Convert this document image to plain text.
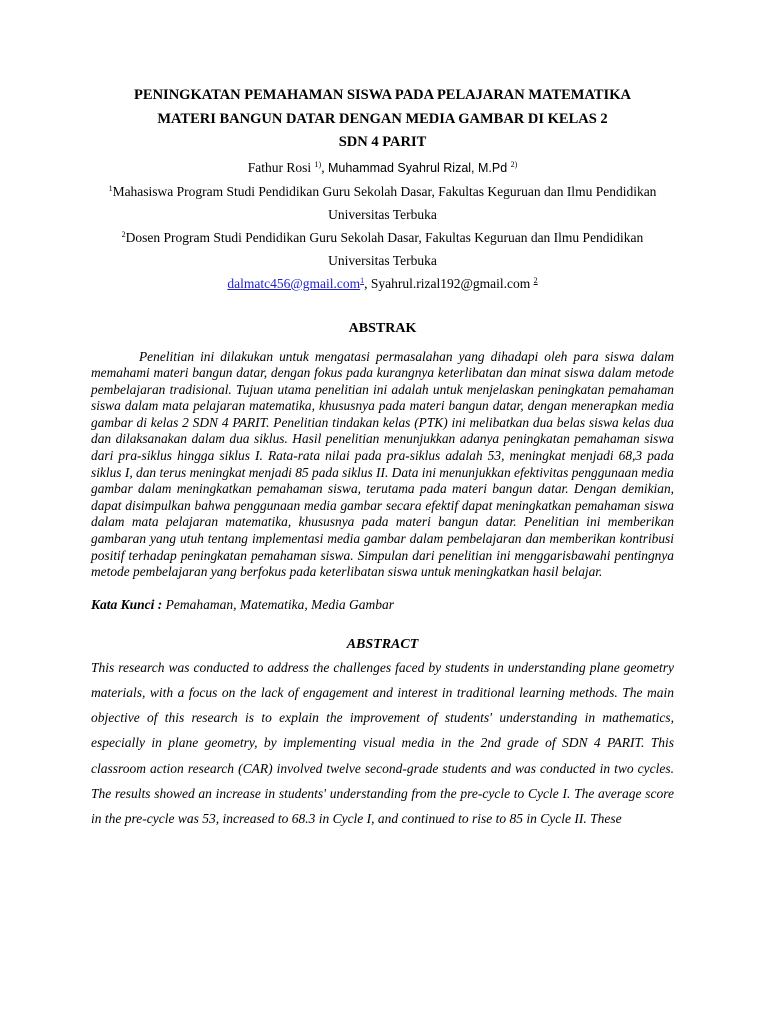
PENINGKATAN PEMAHAMAN SISWA PADA PELAJARAN MATEMATIKA

MATERI BANGUN DATAR DENGAN MEDIA GAMBAR DI KELAS 2

SDN 4 PARIT

Fathur Rosi $^{1)}$, Muhammad Syahrul Rizal, M.Pd $^{2)}$

$^1$Mahasiswa Program Studi Pendidikan Guru Sekolah Dasar, Fakultas Keguruan dan Ilmu Pendidikan

Universitas Terbuka

$^2$Dosen Program Studi Pendidikan Guru Sekolah Dasar, Fakultas Keguruan dan Ilmu Pendidikan

Universitas Terbuka

dalmatc456@gmail.com$^1$, Syahrul.rizal192@gmail.com $^2$

ABSTRAK

Penelitian ini dilakukan untuk mengatasi permasalahan yang dihadapi oleh para siswa dalam memahami materi bangun datar, dengan fokus pada kurangnya keterlibatan dan minat siswa dalam metode pembelajaran tradisional. Tujuan utama penelitian ini adalah untuk menjelaskan peningkatan pemahaman siswa dalam mata pelajaran matematika, khususnya pada materi bangun datar, dengan menerapkan media gambar di kelas 2 SDN 4 PARIT. Penelitian tindakan kelas (PTK) ini melibatkan dua belas siswa kelas dua dan dilaksanakan dalam dua siklus. Hasil penelitian menunjukkan adanya peningkatan pemahaman siswa dari pra-siklus hingga siklus I. Rata-rata nilai pada pra-siklus adalah 53, meningkat menjadi 68,3 pada siklus I, dan terus meningkat menjadi 85 pada siklus II. Data ini menunjukkan efektivitas penggunaan media gambar dalam meningkatkan pemahaman siswa, terutama pada materi bangun datar. Dengan demikian, dapat disimpulkan bahwa penggunaan media gambar secara efektif dapat meningkatkan pemahaman siswa dalam mata pelajaran matematika, khususnya pada materi bangun datar. Penelitian ini memberikan gambaran yang utuh tentang implementasi media gambar dalam pembelajaran dan memberikan kontribusi positif terhadap peningkatan pemahaman siswa. Simpulan dari penelitian ini menggarisbawahi pentingnya metode pembelajaran yang berfokus pada keterlibatan siswa untuk meningkatkan hasil belajar.

Kata Kunci : Pemahaman, Matematika, Media Gambar

ABSTRACT

This research was conducted to address the challenges faced by students in understanding plane geometry materials, with a focus on the lack of engagement and interest in traditional learning methods. The main objective of this research is to explain the improvement of students' understanding in mathematics, especially in plane geometry, by implementing visual media in the 2nd grade of SDN 4 PARIT. This classroom action research (CAR) involved twelve second-grade students and was conducted in two cycles. The results showed an increase in students' understanding from the pre-cycle to Cycle I. The average score in the pre-cycle was 53, increased to 68.3 in Cycle I, and continued to rise to 85 in Cycle II. These
